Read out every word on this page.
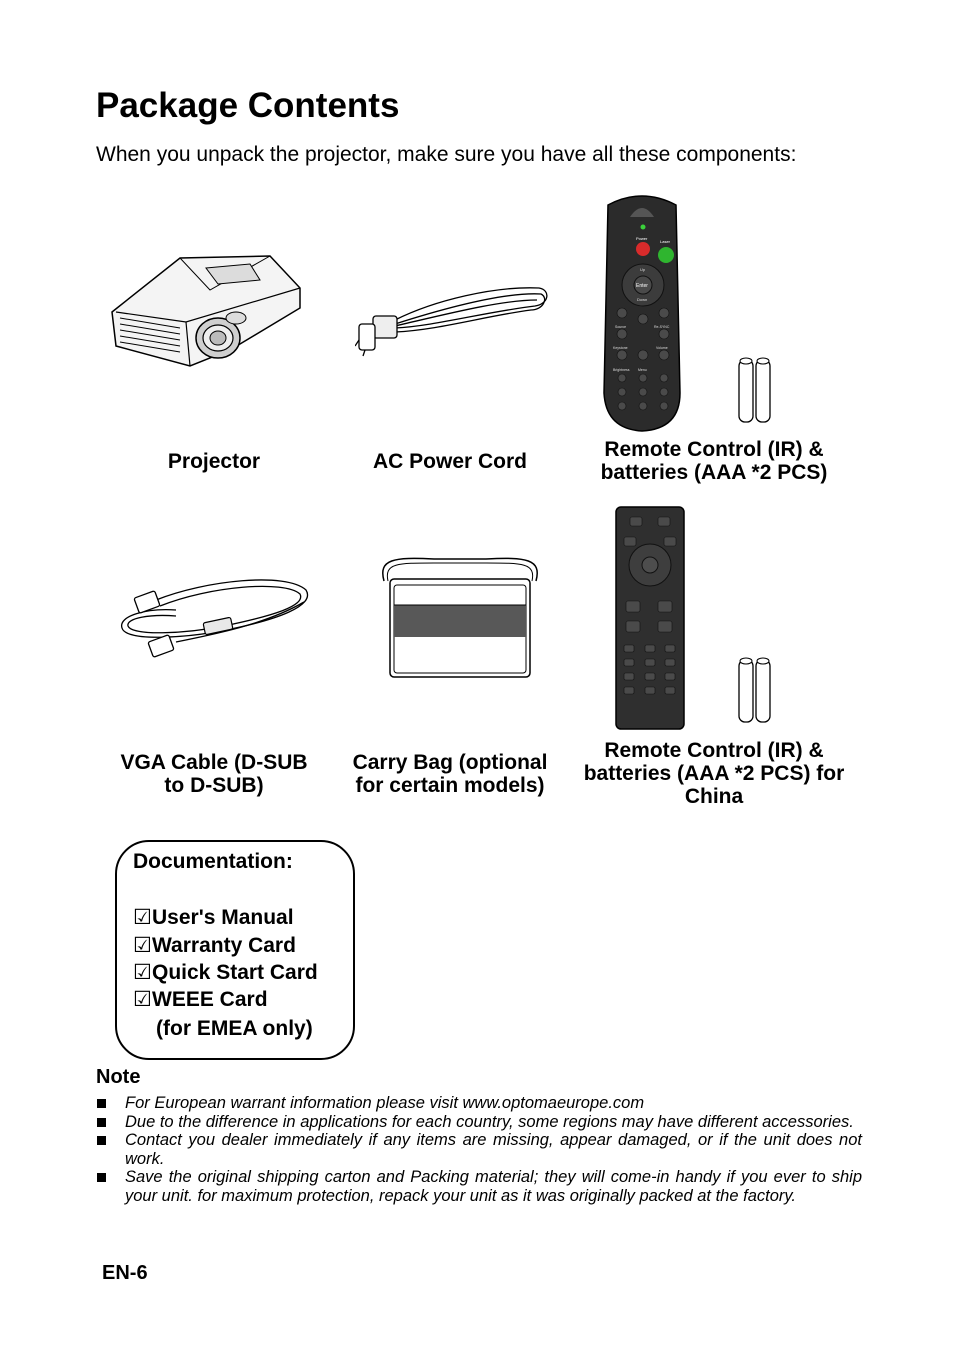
Package Contents

When you unpack the projector, make sure you have all these components:

Power
Laser
Enter
Up
Down
Source	Re-SYNC
Keystone	Volume
Brightness Menu
Projector	AC Power Cord
Remote Control (IR) &
batteries (AAA *2 PCS)
VGA Cable (D-SUB
to D-SUB)
Carry Bag (optional
for certain models)
Remote Control (IR) &
batteries (AAA *2 PCS) for
China
Documentation:
☑User's Manual
☑Warranty Card
☑Quick Start Card
☑WEEE Card
(for EMEA only)
Note
For European warrant information please visit www.optomaeurope.com
Due to the difference in applications for each country, some regions may have different accessories.
Contact you dealer immediately if any items are missing, appear damaged, or if the unit does not work.
Save the original shipping carton and Packing material; they will come-in handy if you ever to ship your unit. for maximum protection, repack your unit as it was originally packed at the factory.
EN-6
